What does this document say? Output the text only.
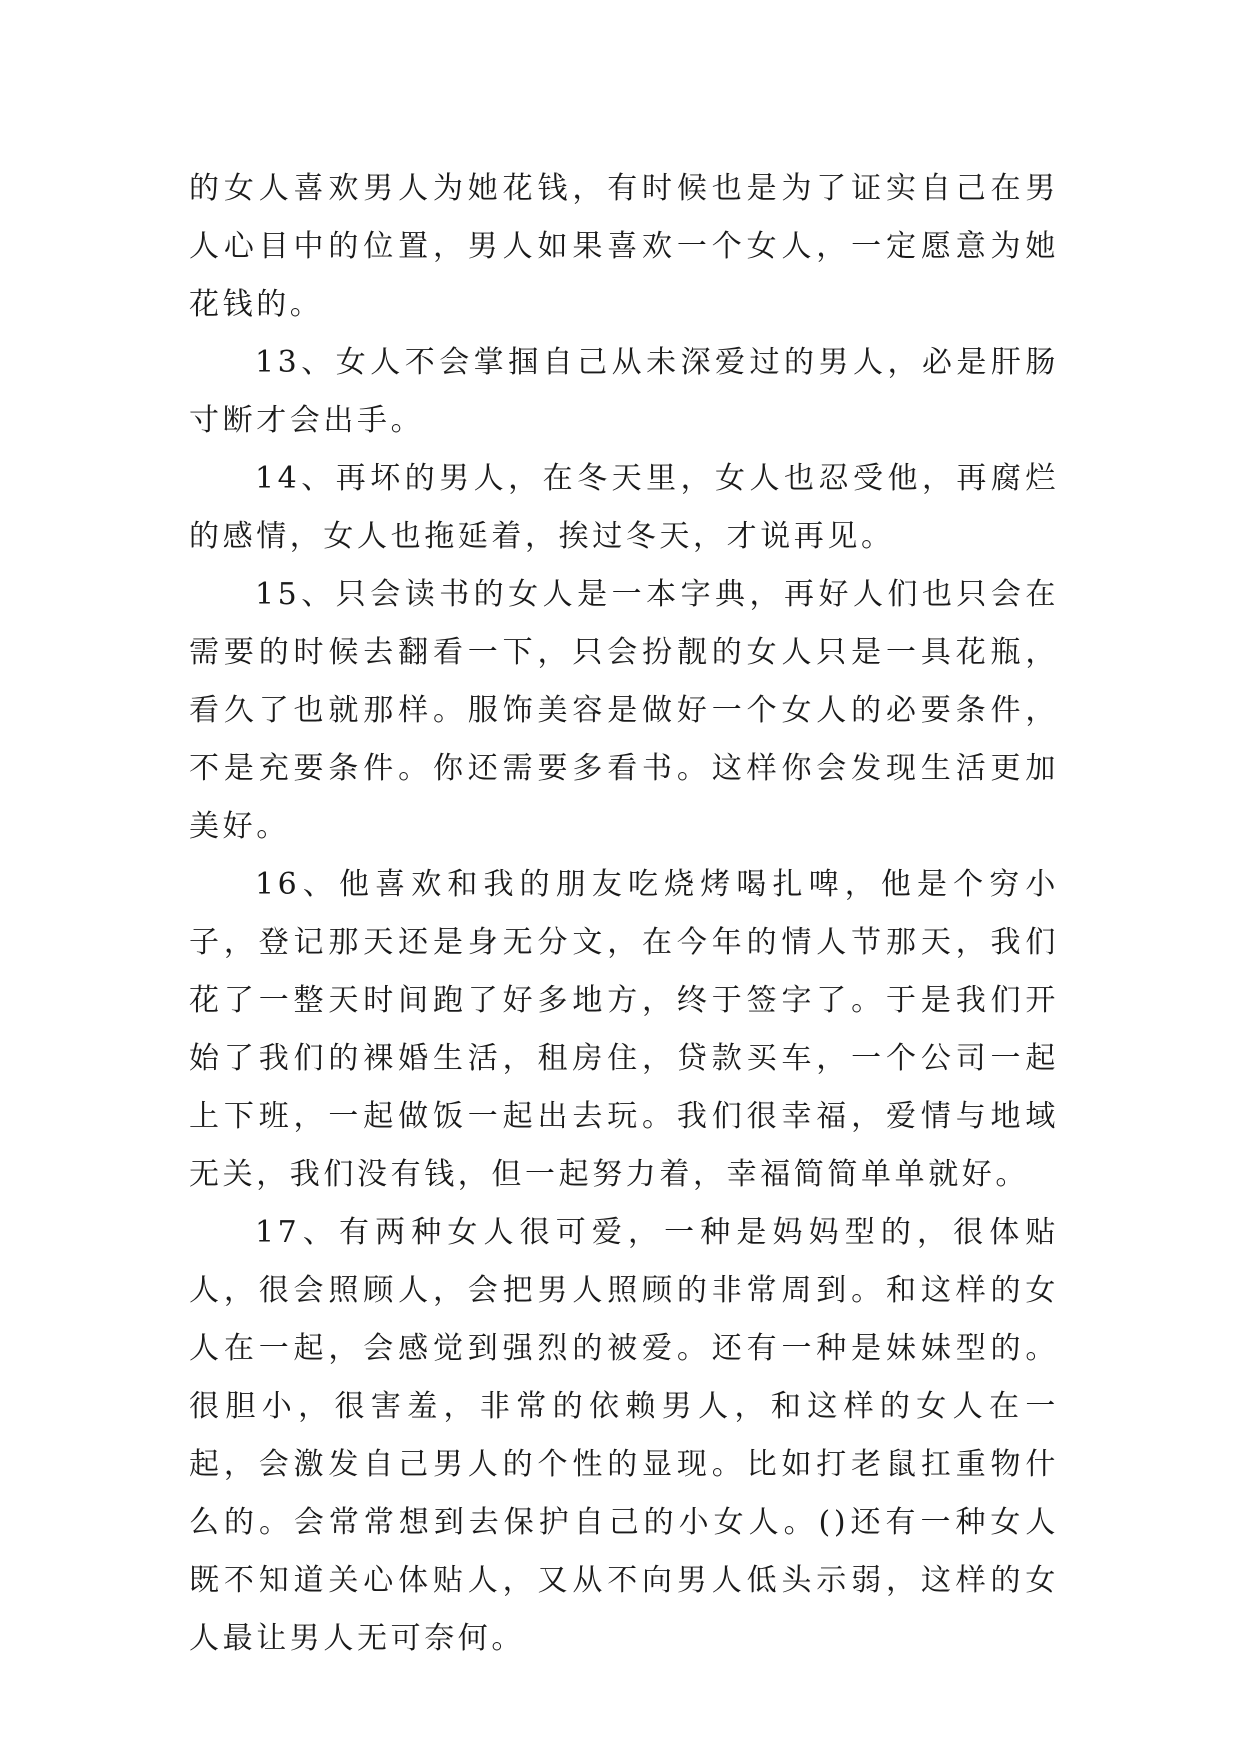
的女人喜欢男人为她花钱，有时候也是为了证实自己在男人心目中的位置，男人如果喜欢一个女人，一定愿意为她花钱的。

13、女人不会掌掴自己从未深爱过的男人，必是肝肠寸断才会出手。

14、再坏的男人，在冬天里，女人也忍受他，再腐烂的感情，女人也拖延着，挨过冬天，才说再见。

15、只会读书的女人是一本字典，再好人们也只会在需要的时候去翻看一下，只会扮靓的女人只是一具花瓶，看久了也就那样。服饰美容是做好一个女人的必要条件，不是充要条件。你还需要多看书。这样你会发现生活更加美好。

16、他喜欢和我的朋友吃烧烤喝扎啤，他是个穷小子，登记那天还是身无分文，在今年的情人节那天，我们花了一整天时间跑了好多地方，终于签字了。于是我们开始了我们的裸婚生活，租房住，贷款买车，一个公司一起上下班，一起做饭一起出去玩。我们很幸福，爱情与地域无关，我们没有钱，但一起努力着，幸福简简单单就好。

17、有两种女人很可爱，一种是妈妈型的，很体贴人，很会照顾人，会把男人照顾的非常周到。和这样的女人在一起，会感觉到强烈的被爱。还有一种是妹妹型的。很胆小，很害羞，非常的依赖男人，和这样的女人在一起，会激发自己男人的个性的显现。比如打老鼠扛重物什么的。会常常想到去保护自己的小女人。()还有一种女人既不知道关心体贴人，又从不向男人低头示弱，这样的女人最让男人无可奈何。
